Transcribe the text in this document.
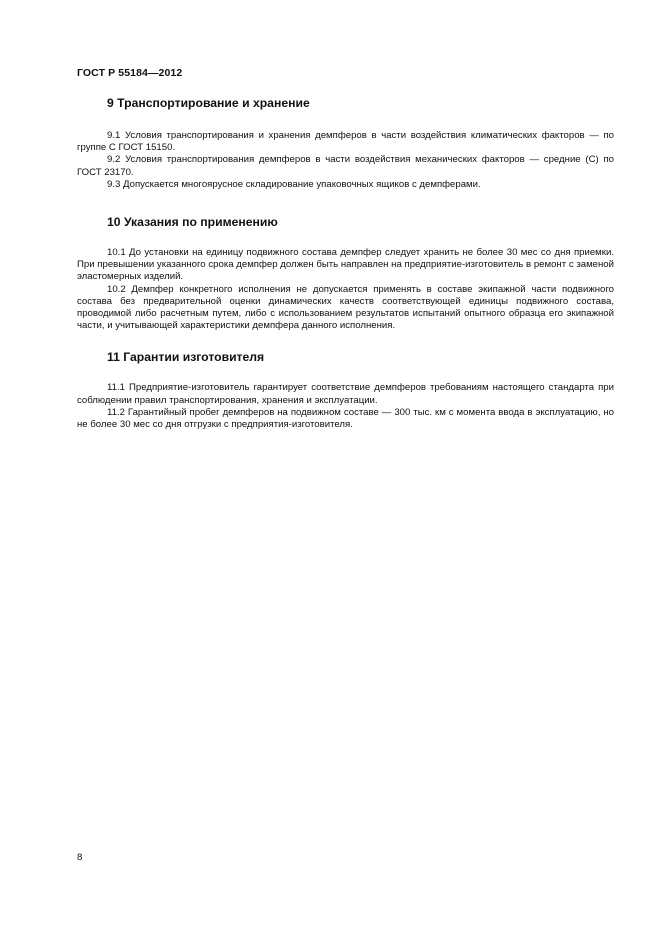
ГОСТ Р 55184—2012
9 Транспортирование и хранение

9.1 Условия транспортирования и хранения демпферов в части воздействия климатических факторов — по группе С ГОСТ 15150.

9.2 Условия транспортирования демпферов в части воздействия механических факторов — средние (С) по ГОСТ 23170.

9.3 Допускается многоярусное складирование упаковочных ящиков с демпферами.

10 Указания по применению

10.1 До установки на единицу подвижного состава демпфер следует хранить не более 30 мес со дня приемки. При превышении указанного срока демпфер должен быть направлен на предприятие-изготовитель в ремонт с заменой эластомерных изделий.

10.2 Демпфер конкретного исполнения не допускается применять в составе экипажной части подвижного состава без предварительной оценки динамических качеств соответствующей единицы подвижного состава, проводимой либо расчетным путем, либо с использованием результатов испытаний опытного образца его экипажной части, и учитывающей характеристики демпфера данного исполнения.

11 Гарантии изготовителя

11.1 Предприятие-изготовитель гарантирует соответствие демпферов требованиям настоящего стандарта при соблюдении правил транспортирования, хранения и эксплуатации.

11.2 Гарантийный пробег демпферов на подвижном составе — 300 тыс. км с момента ввода в эксплуатацию, но не более 30 мес со дня отгрузки с предприятия-изготовителя.

8
